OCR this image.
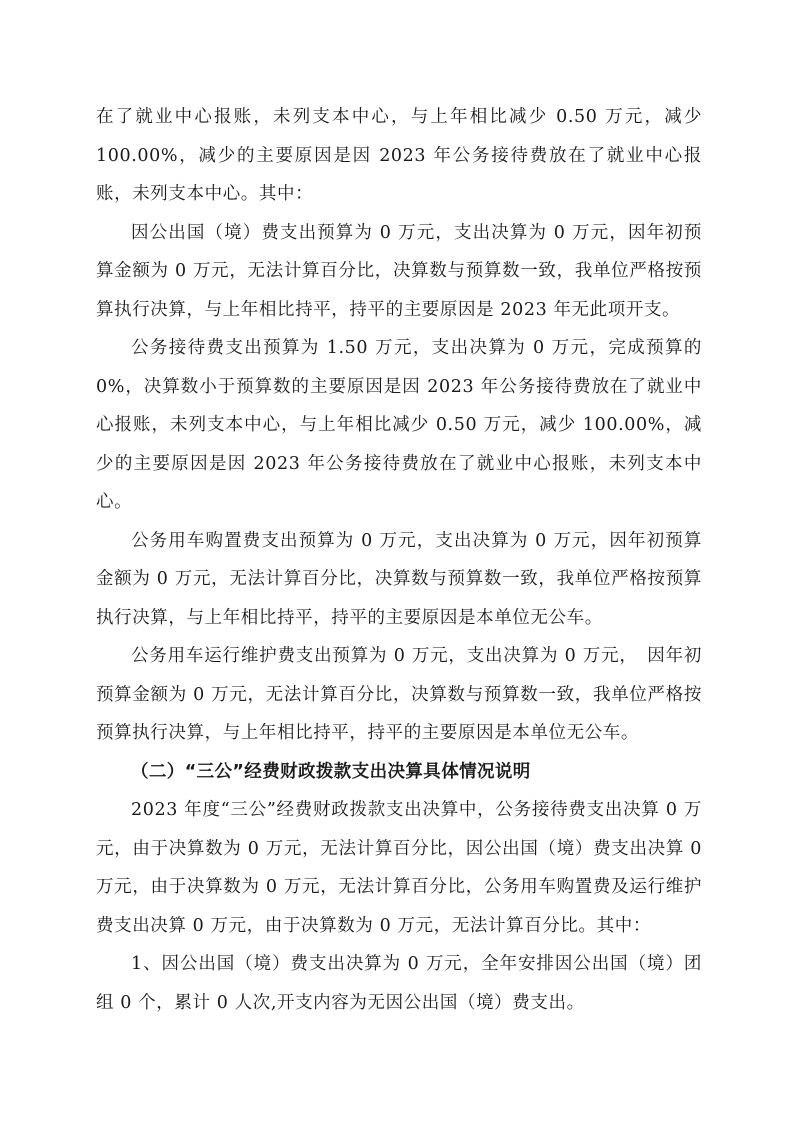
在了就业中心报账，未列支本中心，与上年相比减少 0.50 万元，减少 100.00%，减少的主要原因是因 2023 年公务接待费放在了就业中心报账，未列支本中心。其中：

因公出国（境）费支出预算为 0 万元，支出决算为 0 万元，因年初预算金额为 0 万元，无法计算百分比，决算数与预算数一致，我单位严格按预算执行决算，与上年相比持平，持平的主要原因是 2023 年无此项开支。

公务接待费支出预算为 1.50 万元，支出决算为 0 万元，完成预算的 0%，决算数小于预算数的主要原因是因 2023 年公务接待费放在了就业中心报账，未列支本中心，与上年相比减少 0.50 万元，减少 100.00%，减少的主要原因是因 2023 年公务接待费放在了就业中心报账，未列支本中心。

公务用车购置费支出预算为 0 万元，支出决算为 0 万元，因年初预算金额为 0 万元，无法计算百分比，决算数与预算数一致，我单位严格按预算执行决算，与上年相比持平，持平的主要原因是本单位无公车。

公务用车运行维护费支出预算为 0 万元，支出决算为 0 万元，　因年初预算金额为 0 万元，无法计算百分比，决算数与预算数一致，我单位严格按预算执行决算，与上年相比持平，持平的主要原因是本单位无公车。

（二）“三公”经费财政拨款支出决算具体情况说明

2023 年度“三公”经费财政拨款支出决算中，公务接待费支出决算 0 万元，由于决算数为 0 万元，无法计算百分比，因公出国（境）费支出决算 0 万元，由于决算数为 0 万元，无法计算百分比，公务用车购置费及运行维护费支出决算 0 万元，由于决算数为 0 万元，无法计算百分比。其中：

1、因公出国（境）费支出决算为 0 万元，全年安排因公出国（境）团组 0 个，累计 0 人次,开支内容为无因公出国（境）费支出。
